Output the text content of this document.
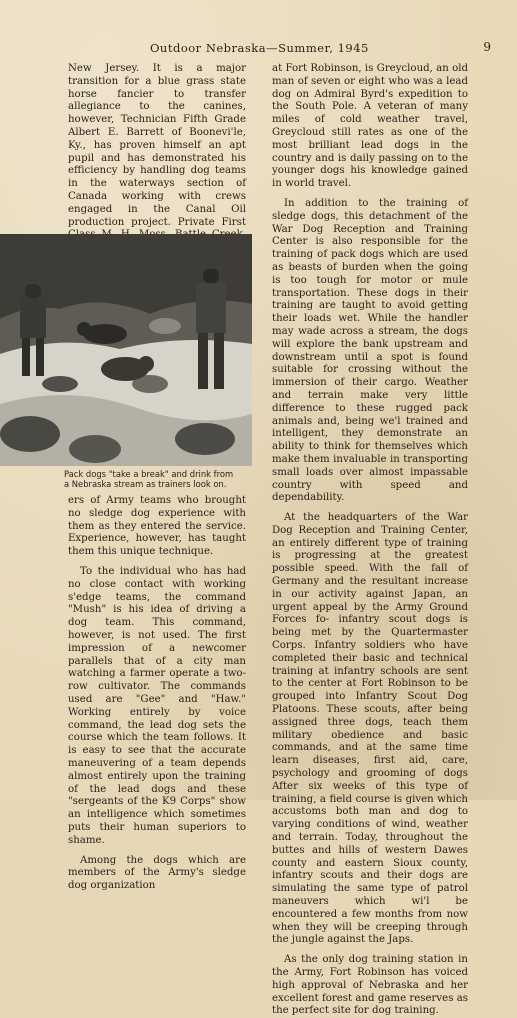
Outdoor Nebraska—Summer, 1945	9

New Jersey. It is a major transition for a blue grass state horse fancier to transfer allegiance to the canines, however, Technician Fifth Grade Albert E. Barrett of Boonevi'le, Ky., has proven himself an apt pupil and has demonstrated his efficiency by handling dog teams in the waterways section of Canada working with crews engaged in the Canal Oil production project. Private First

Pack dogs "take a break" and drink from
a Nebraska stream as trainers look on.

ers of Army teams who brought no sledge dog experience with them as they entered the service. Experience, however, has taught them this unique technique.

To the individual who has had no close contact with working s'edge teams, the command "Mush" is his idea of driving a dog team. This command, however, is not used. The first impression of a newcomer parallels that of a city man watching a farmer operate a two-row cultivator. The commands used are "Gee" and "Haw." Working entirely by voice command, the lead dog sets the course which the team follows. It is easy to see that the accurate maneuvering of a team depends almost entirely upon the training of the lead dogs and these "sergeants of the K9 Corps" show an intelligence which sometimes puts their human superiors to shame.

Among the dogs which are members of the Army's sledge dog organization

at Fort Robinson, is Greycloud, an old man of seven or eight who was a lead dog on Admiral Byrd's expedition to the South Pole. A veteran of many miles of cold weather travel, Greycloud still rates as one of the most brilliant lead dogs in the country and is daily passing on to the younger dogs his knowledge gained in world travel.

In addition to the training of sledge dogs, this detachment of the War Dog Reception and Training Center is also responsible for the training of pack dogs which are used as beasts of burden when the going is too tough for motor or mule transportation. These dogs in their training are taught to avoid getting their loads wet. While the handler may wade across a stream, the dogs will explore the bank upstream and downstream until a spot is found suitable for crossing without the immersion of their cargo. Weather and terrain make very little difference to these rugged pack animals and, being we'l trained and intelligent, they demonstrate an ability to think for themselves which make them invaluable in transporting small loads over almost impassable country with speed and dependability.

At the headquarters of the War Dog Reception and Training Center, an entirely different type of training is progressing at the greatest possible speed. With the fall of Germany and the resultant increase in our activity against Japan, an urgent appeal by the Army Ground Forces fo- infantry scout dogs is being met by the Quartermaster Corps. Infantry soldiers who have completed their basic and technical training at infantry schools are sent to the center at Fort Robinson to be grouped into Infantry Scout Dog Platoons. These scouts, after being assigned three dogs, teach them military obedience and basic commands, and at the same time learn diseases, first aid, care, psychology and grooming of dogs After six weeks of this type of training, a field course is given which accustoms both man and dog to varying conditions of wind, weather and terrain. Today, throughout the buttes and hills of western Dawes county and eastern Sioux county, infantry scouts and their dogs are simulating the same type of patrol maneuvers which wi'l be encountered a few months from now when they will be creeping through the jungle against the Japs.

As the only dog training station in the Army, Fort Robinson has voiced high approval of Nebraska and her excellent forest and game reserves as the perfect site for dog training.
